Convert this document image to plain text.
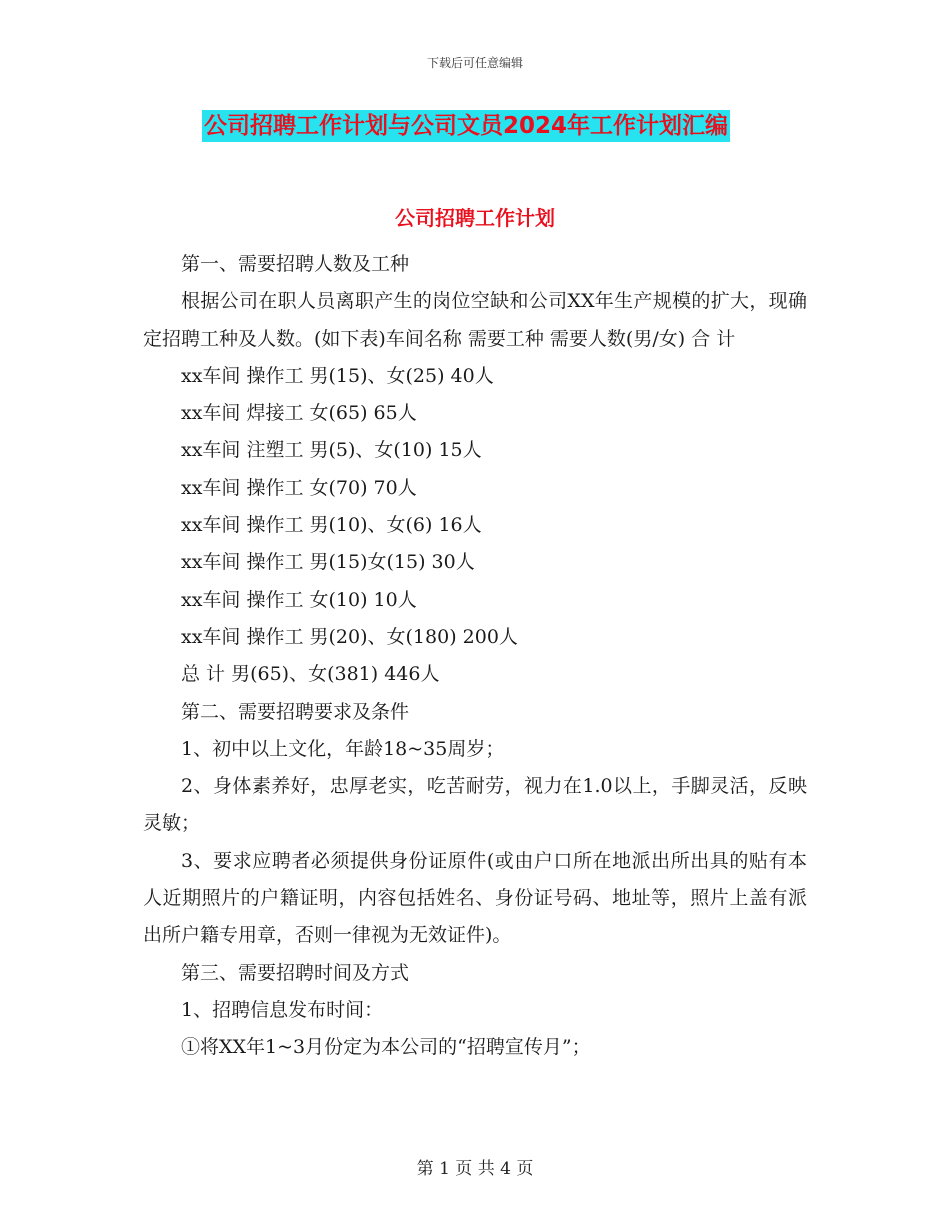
下载后可任意编辑
公司招聘工作计划与公司文员2024年工作计划汇编
公司招聘工作计划

第一、需要招聘人数及工种

根据公司在职人员离职产生的岗位空缺和公司XX年生产规模的扩大，现确定招聘工种及人数。(如下表)车间名称 需要工种 需要人数(男/女) 合 计

xx车间 操作工 男(15)、女(25) 40人

xx车间 焊接工 女(65) 65人

xx车间 注塑工 男(5)、女(10) 15人

xx车间 操作工 女(70) 70人

xx车间 操作工 男(10)、女(6) 16人

xx车间 操作工 男(15)女(15) 30人

xx车间 操作工 女(10) 10人

xx车间 操作工 男(20)、女(180) 200人

总 计 男(65)、女(381) 446人

第二、需要招聘要求及条件

1、初中以上文化，年龄18~35周岁；

2、身体素养好，忠厚老实，吃苦耐劳，视力在1.0以上，手脚灵活，反映灵敏；

3、要求应聘者必须提供身份证原件(或由户口所在地派出所出具的贴有本人近期照片的户籍证明，内容包括姓名、身份证号码、地址等，照片上盖有派出所户籍专用章，否则一律视为无效证件)。

第三、需要招聘时间及方式

1、招聘信息发布时间：

①将XX年1~3月份定为本公司的“招聘宣传月”；

第 1 页 共 4 页
